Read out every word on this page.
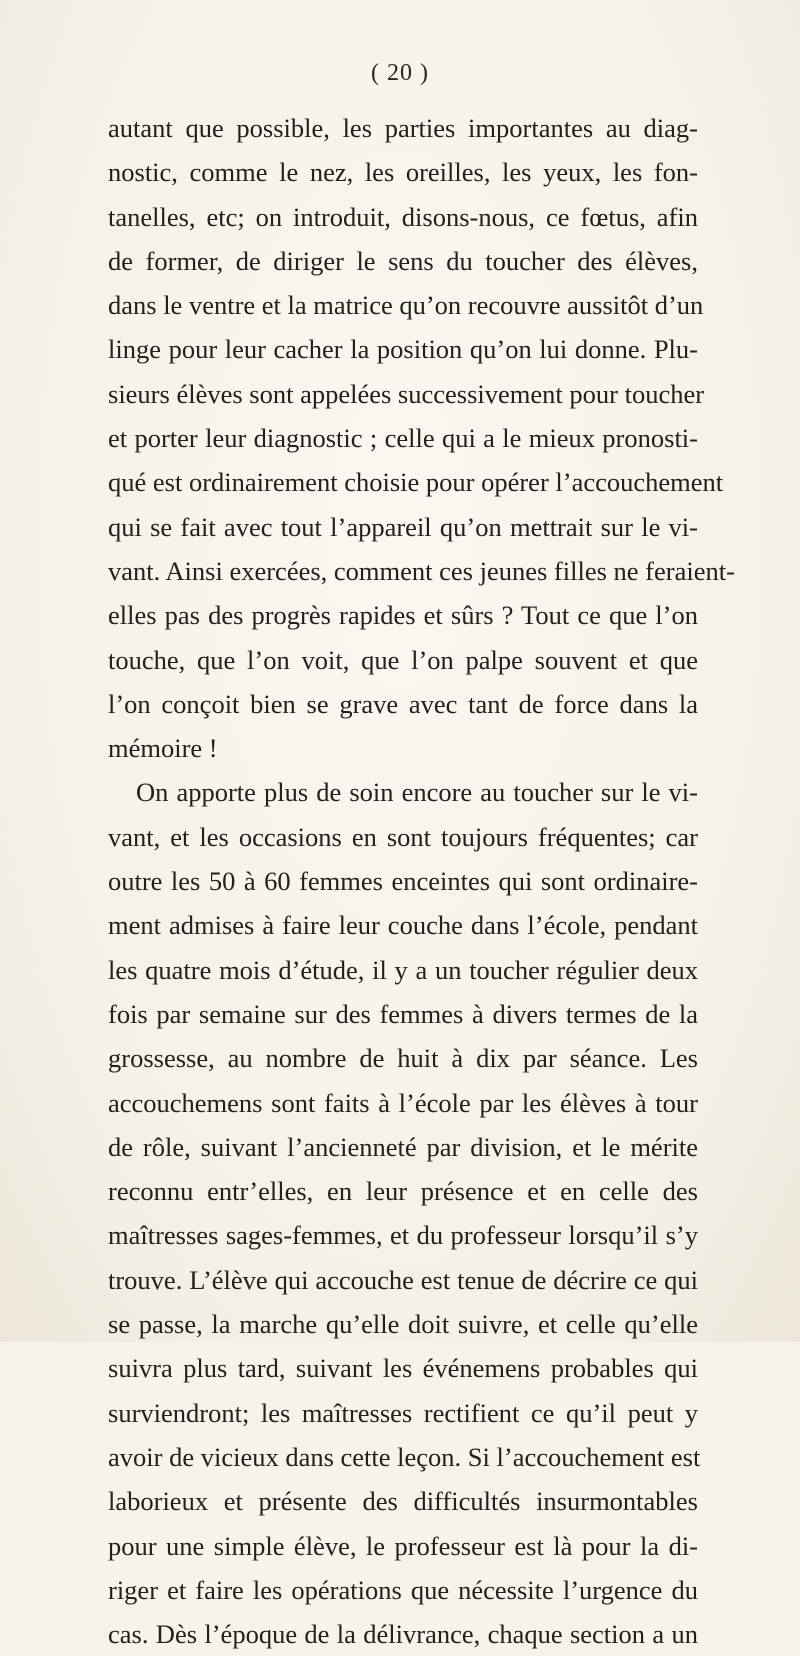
( 20 )
autant que possible, les parties importantes au diag-
nostic, comme le nez, les oreilles, les yeux, les fon-
tanelles, etc; on introduit, disons-nous, ce fœtus, afin
de former, de diriger le sens du toucher des élèves,
dans le ventre et la matrice qu’on recouvre aussitôt d’un
linge pour leur cacher la position qu’on lui donne. Plu-
sieurs élèves sont appelées successivement pour toucher
et porter leur diagnostic ; celle qui a le mieux pronosti-
qué est ordinairement choisie pour opérer l’accouchement
qui se fait avec tout l’appareil qu’on mettrait sur le vi-
vant. Ainsi exercées, comment ces jeunes filles ne feraient-
elles pas des progrès rapides et sûrs ? Tout ce que l’on
touche, que l’on voit, que l’on palpe souvent et que
l’on conçoit bien se grave avec tant de force dans la
mémoire !
On apporte plus de soin encore au toucher sur le vi-
vant, et les occasions en sont toujours fréquentes; car
outre les 50 à 60 femmes enceintes qui sont ordinaire-
ment admises à faire leur couche dans l’école, pendant
les quatre mois d’étude, il y a un toucher régulier deux
fois par semaine sur des femmes à divers termes de la
grossesse, au nombre de huit à dix par séance. Les
accouchemens sont faits à l’école par les élèves à tour
de rôle, suivant l’ancienneté par division, et le mérite
reconnu entr’elles, en leur présence et en celle des
maîtresses sages-femmes, et du professeur lorsqu’il s’y
trouve. L’élève qui accouche est tenue de décrire ce qui
se passe, la marche qu’elle doit suivre, et celle qu’elle
suivra plus tard, suivant les événemens probables qui
surviendront; les maîtresses rectifient ce qu’il peut y
avoir de vicieux dans cette leçon. Si l’accouchement est
laborieux et présente des difficultés insurmontables
pour une simple élève, le professeur est là pour la di-
riger et faire les opérations que nécessite l’urgence du
cas. Dès l’époque de la délivrance, chaque section a un
